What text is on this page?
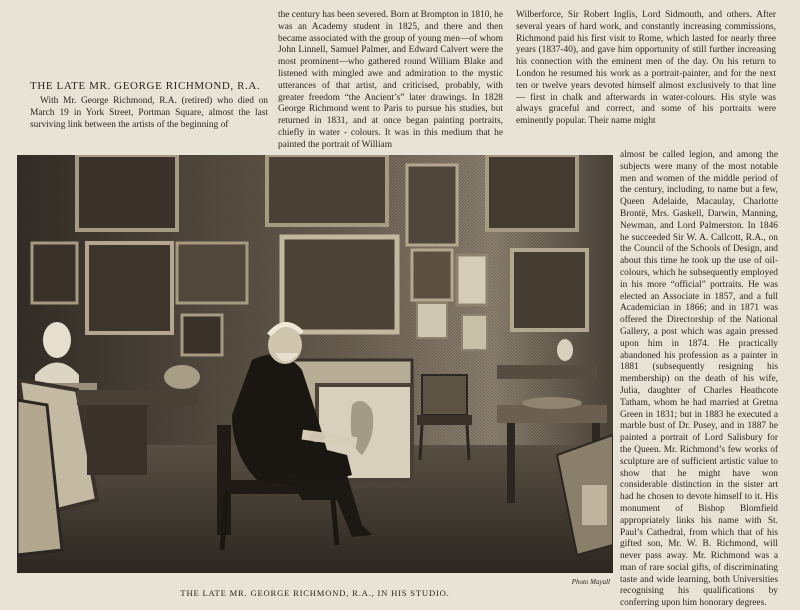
THE LATE MR. GEORGE RICHMOND, R.A.

With Mr. George Richmond, R.A. (retired) who died on March 19 in York Street, Portman Square, almost the last surviving link between the artists of the beginning of

the century has been severed. Born at Brompton in 1810, he was an Academy student in 1825, and there and then became associated with the group of young men—of whom John Linnell, Samuel Palmer, and Edward Calvert were the most prominent—who gathered round William Blake and listened with mingled awe and admiration to the mystic utterances of that artist, and criticised, probably, with greater freedom “the Ancient’s” later drawings. In 1828 George Richmond went to Paris to pursue his studies, but returned in 1831, and at once began painting portraits, chiefly in water - colours. It was in this medium that he painted the portrait of William

Wilberforce, Sir Robert Inglis, Lord Sidmouth, and others. After several years of hard work, and constantly increasing commissions, Richmond paid his first visit to Rome, which lasted for nearly three years (1837-40), and gave him opportunity of still further increasing his connection with the eminent men of the day. On his return to London he resumed his work as a portrait-painter, and for the next ten or twelve years devoted himself almost exclusively to that line — first in chalk and afterwards in water-colours. His style was always graceful and correct, and some of his portraits were eminently popular. Their name might

almost be called legion, and among the subjects were many of the most notable men and women of the middle period of the century, including, to name but a few, Queen Adelaide, Macaulay, Charlotte Brontë, Mrs. Gaskell, Darwin, Manning, Newman, and Lord Palmerston. In 1846 he succeeded Sir W. A. Callcott, R.A., on the Council of the Schools of Design, and about this time he took up the use of oil-colours, which he subsequently employed in his more “official” portraits. He was elected an Associate in 1857, and a full Academician in 1866; and in 1871 was offered the Directorship of the National Gallery, a post which was again pressed upon him in 1874. He practically abandoned his profession as a painter in 1881 (subsequently resigning his membership) on the death of his wife, Julia, daughter of Charles Heathcote Tatham, whom he had married at Gretna Green in 1831; but in 1883 he executed a marble bust of Dr. Pusey, and in 1887 he painted a portrait of Lord Salisbury for the Queen. Mr. Richmond’s few works of sculpture are of sufficient artistic value to show that he might have won considerable distinction in the sister art had he chosen to devote himself to it. His monument of Bishop Blomfield appropriately links his name with St. Paul’s Cathedral, from which that of his gifted son, Mr. W. B. Richmond, will never pass away. Mr. Richmond was a man of rare social gifts, of discriminating taste and wide learning, both Universities recognising his qualifications by conferring upon him honorary degrees.

Photo Mayall
THE LATE MR. GEORGE RICHMOND, R.A., IN HIS STUDIO.
